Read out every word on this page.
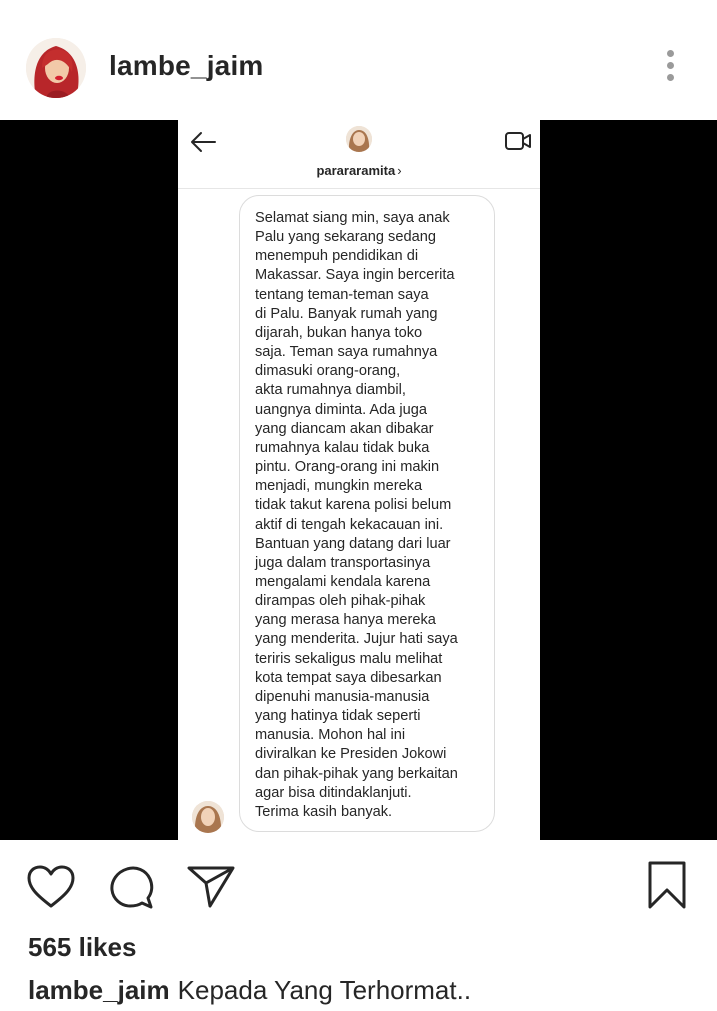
lambe_jaim
parararamita ›
Selamat siang min, saya anak
Palu yang sekarang sedang
menempuh pendidikan di
Makassar. Saya ingin bercerita
tentang teman-teman saya
di Palu. Banyak rumah yang
dijarah, bukan hanya toko
saja. Teman saya rumahnya
dimasuki orang-orang,
akta rumahnya diambil,
uangnya diminta. Ada juga
yang diancam akan dibakar
rumahnya kalau tidak buka
pintu. Orang-orang ini makin
menjadi, mungkin mereka
tidak takut karena polisi belum
aktif di tengah kekacauan ini.
Bantuan yang datang dari luar
juga dalam transportasinya
mengalami kendala karena
dirampas oleh pihak-pihak
yang merasa hanya mereka
yang menderita. Jujur hati saya
teriris sekaligus malu melihat
kota tempat saya dibesarkan
dipenuhi manusia-manusia
yang hatinya tidak seperti
manusia. Mohon hal ini
diviralkan ke Presiden Jokowi
dan pihak-pihak yang berkaitan
agar bisa ditindaklanjuti.
Terima kasih banyak.
565 likes
lambe_jaim Kepada Yang Terhormat..
